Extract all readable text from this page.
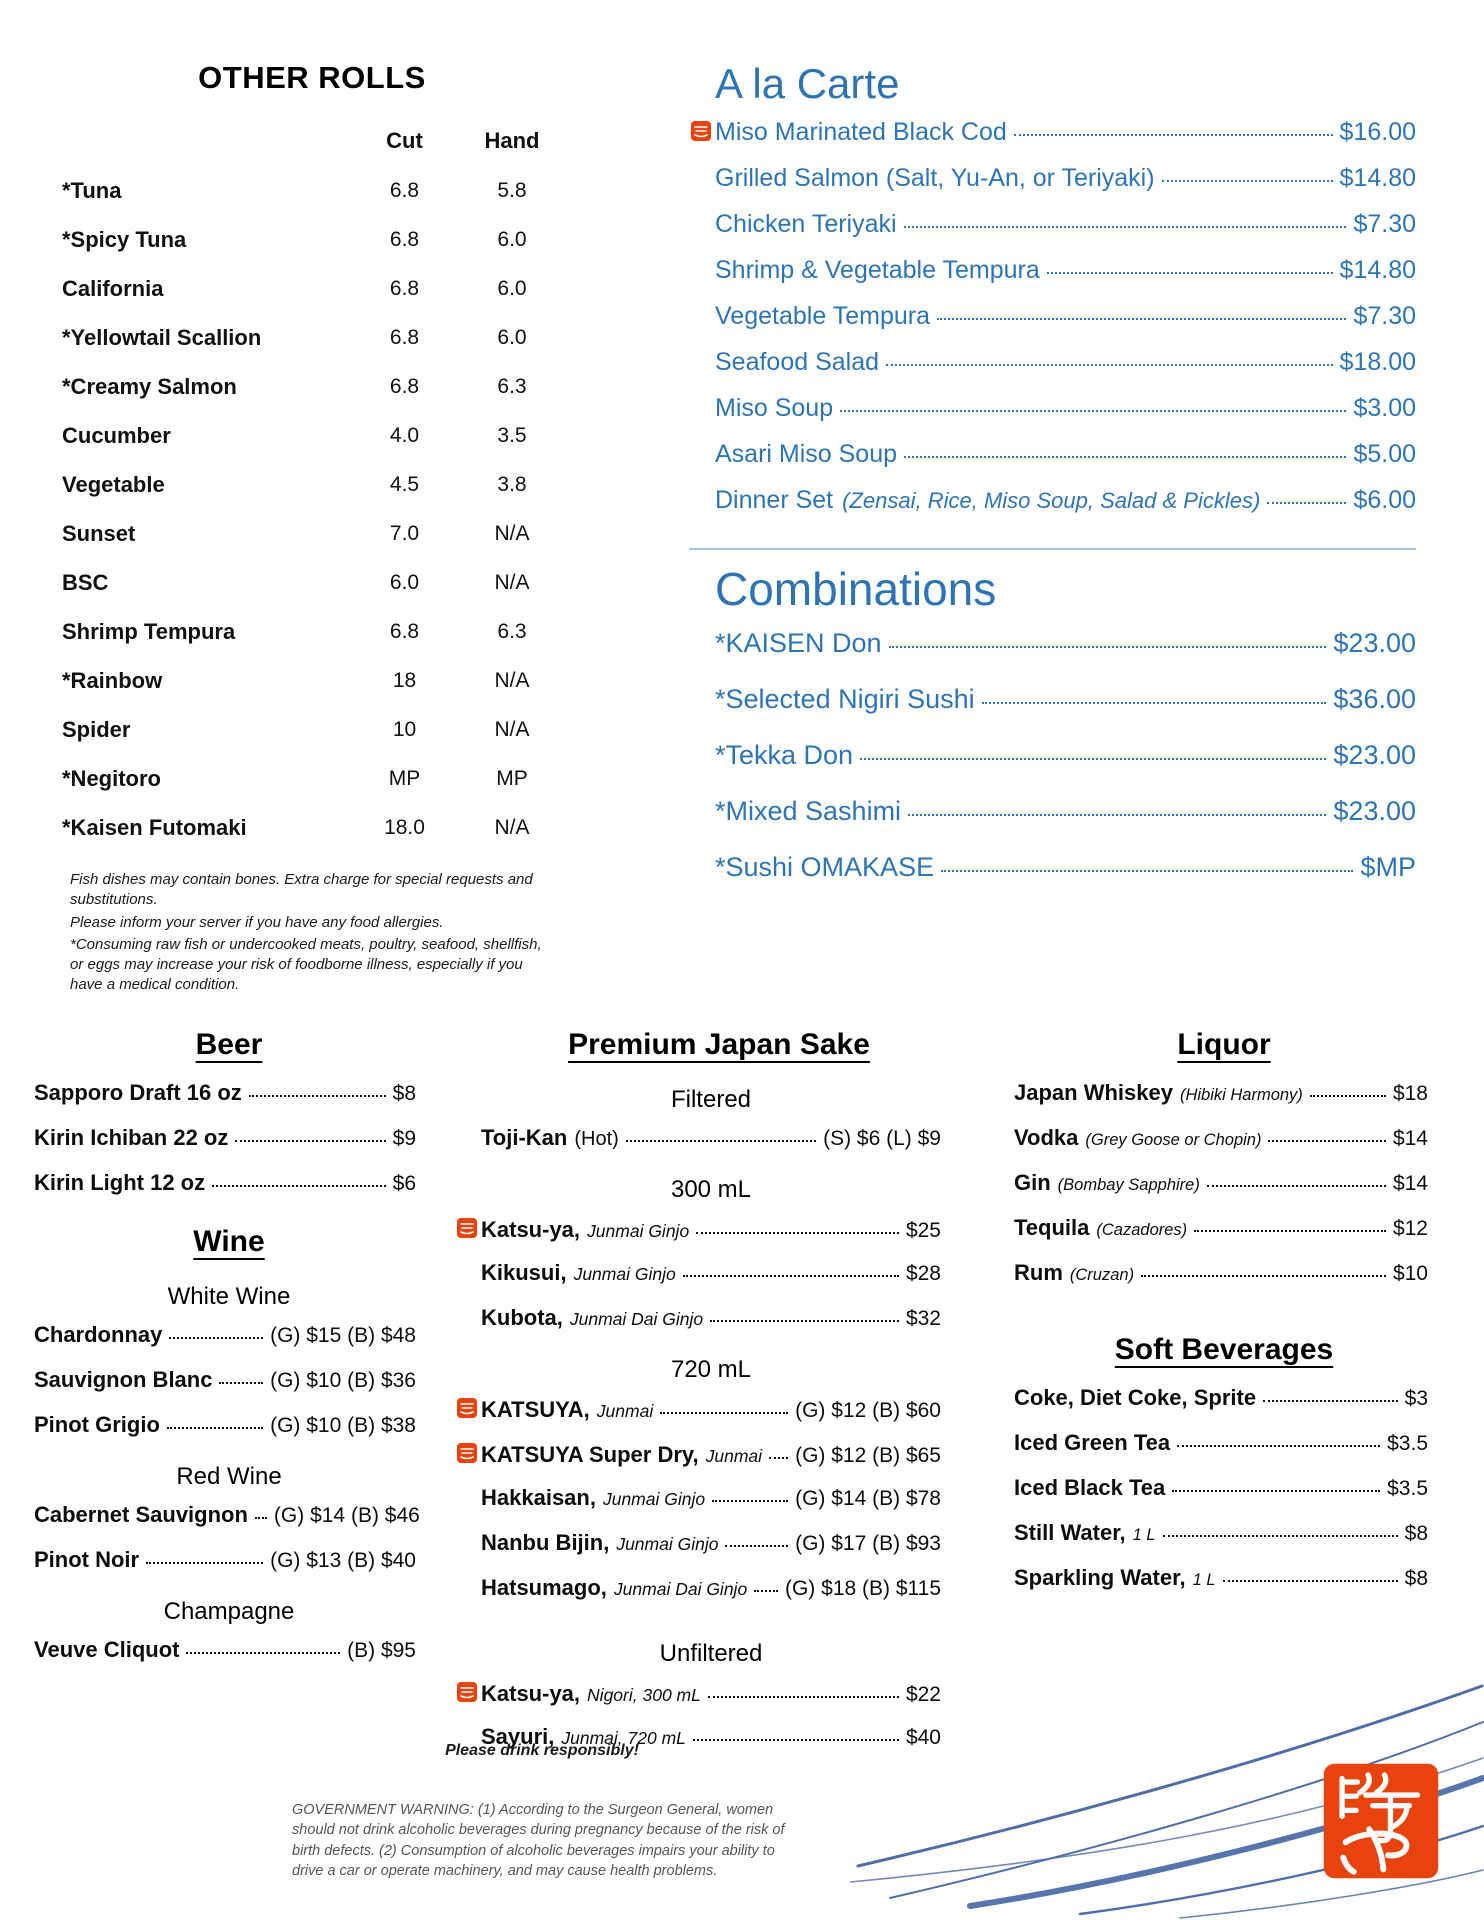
OTHER ROLLS
Cut	Hand
*Tuna	6.8	5.8
*Spicy Tuna	6.8	6.0
California	6.8	6.0
*Yellowtail Scallion	6.8	6.0
*Creamy Salmon	6.8	6.3
Cucumber	4.0	3.5
Vegetable	4.5	3.8
Sunset	7.0	N/A
BSC	6.0	N/A
Shrimp Tempura	6.8	6.3
*Rainbow	18	N/A
Spider	10	N/A
*Negitoro	MP	MP
*Kaisen Futomaki	18.0	N/A

Fish dishes may contain bones. Extra charge for special requests and substitutions.

Please inform your server if you have any food allergies.

*Consuming raw fish or undercooked meats, poultry, seafood, shellfish, or eggs may increase your risk of foodborne illness, especially if you have a medical condition.

A la Carte
Miso Marinated Black Cod	$16.00
Grilled Salmon (Salt, Yu-An, or Teriyaki)	$14.80
Chicken Teriyaki	$7.30
Shrimp & Vegetable Tempura	$14.80
Vegetable Tempura	$7.30
Seafood Salad	$18.00
Miso Soup	$3.00
Asari Miso Soup	$5.00
Dinner Set (Zensai, Rice, Miso Soup, Salad & Pickles)	$6.00
Combinations
*KAISEN Don	$23.00
*Selected Nigiri Sushi	$36.00
*Tekka Don	$23.00
*Mixed Sashimi	$23.00
*Sushi OMAKASE	$MP
Beer
Sapporo Draft 16 oz	$8
Kirin Ichiban 22 oz	$9
Kirin Light 12 oz	$6
Wine
White Wine
Chardonnay	(G) $15 (B) $48
Sauvignon Blanc	(G) $10 (B) $36
Pinot Grigio	(G) $10 (B) $38
Red Wine
Cabernet Sauvignon (G) $14 (B) $46
Pinot Noir	(G) $13 (B) $40
Champagne
Veuve Cliquot	(B) $95
Premium Japan Sake
Filtered
Toji-Kan (Hot)	(S) $6 (L) $9
300 mL
Katsu-ya, Junmai Ginjo	$25
Kikusui, Junmai Ginjo	$28
Kubota, Junmai Dai Ginjo	$32
720 mL
KATSUYA, Junmai	(G) $12 (B) $60
KATSUYA Super Dry, Junmai (G) $12 (B) $65
Hakkaisan, Junmai Ginjo	(G) $14 (B) $78
Nanbu Bijin, Junmai Ginjo	(G) $17 (B) $93
Hatsumago, Junmai Dai Ginjo (G) $18 (B) $115
Unfiltered
Katsu-ya, Nigori, 300 mL	$22
Sayuri, Junmai, 720 mL	$40
Liquor
Japan Whiskey (Hibiki Harmony)	$18
Vodka (Grey Goose or Chopin)	$14
Gin (Bombay Sapphire)	$14
Tequila (Cazadores)	$12
Rum (Cruzan)	$10
Soft Beverages
Coke, Diet Coke, Sprite	$3
Iced Green Tea	$3.5
Iced Black Tea	$3.5
Still Water, 1 L	$8
Sparkling Water, 1 L	$8

Please drink responsibly!

GOVERNMENT WARNING: (1) According to the Surgeon General, women should not drink alcoholic beverages during pregnancy because of the risk of birth defects. (2) Consumption of alcoholic beverages impairs your ability to drive a car or operate machinery, and may cause health problems.
